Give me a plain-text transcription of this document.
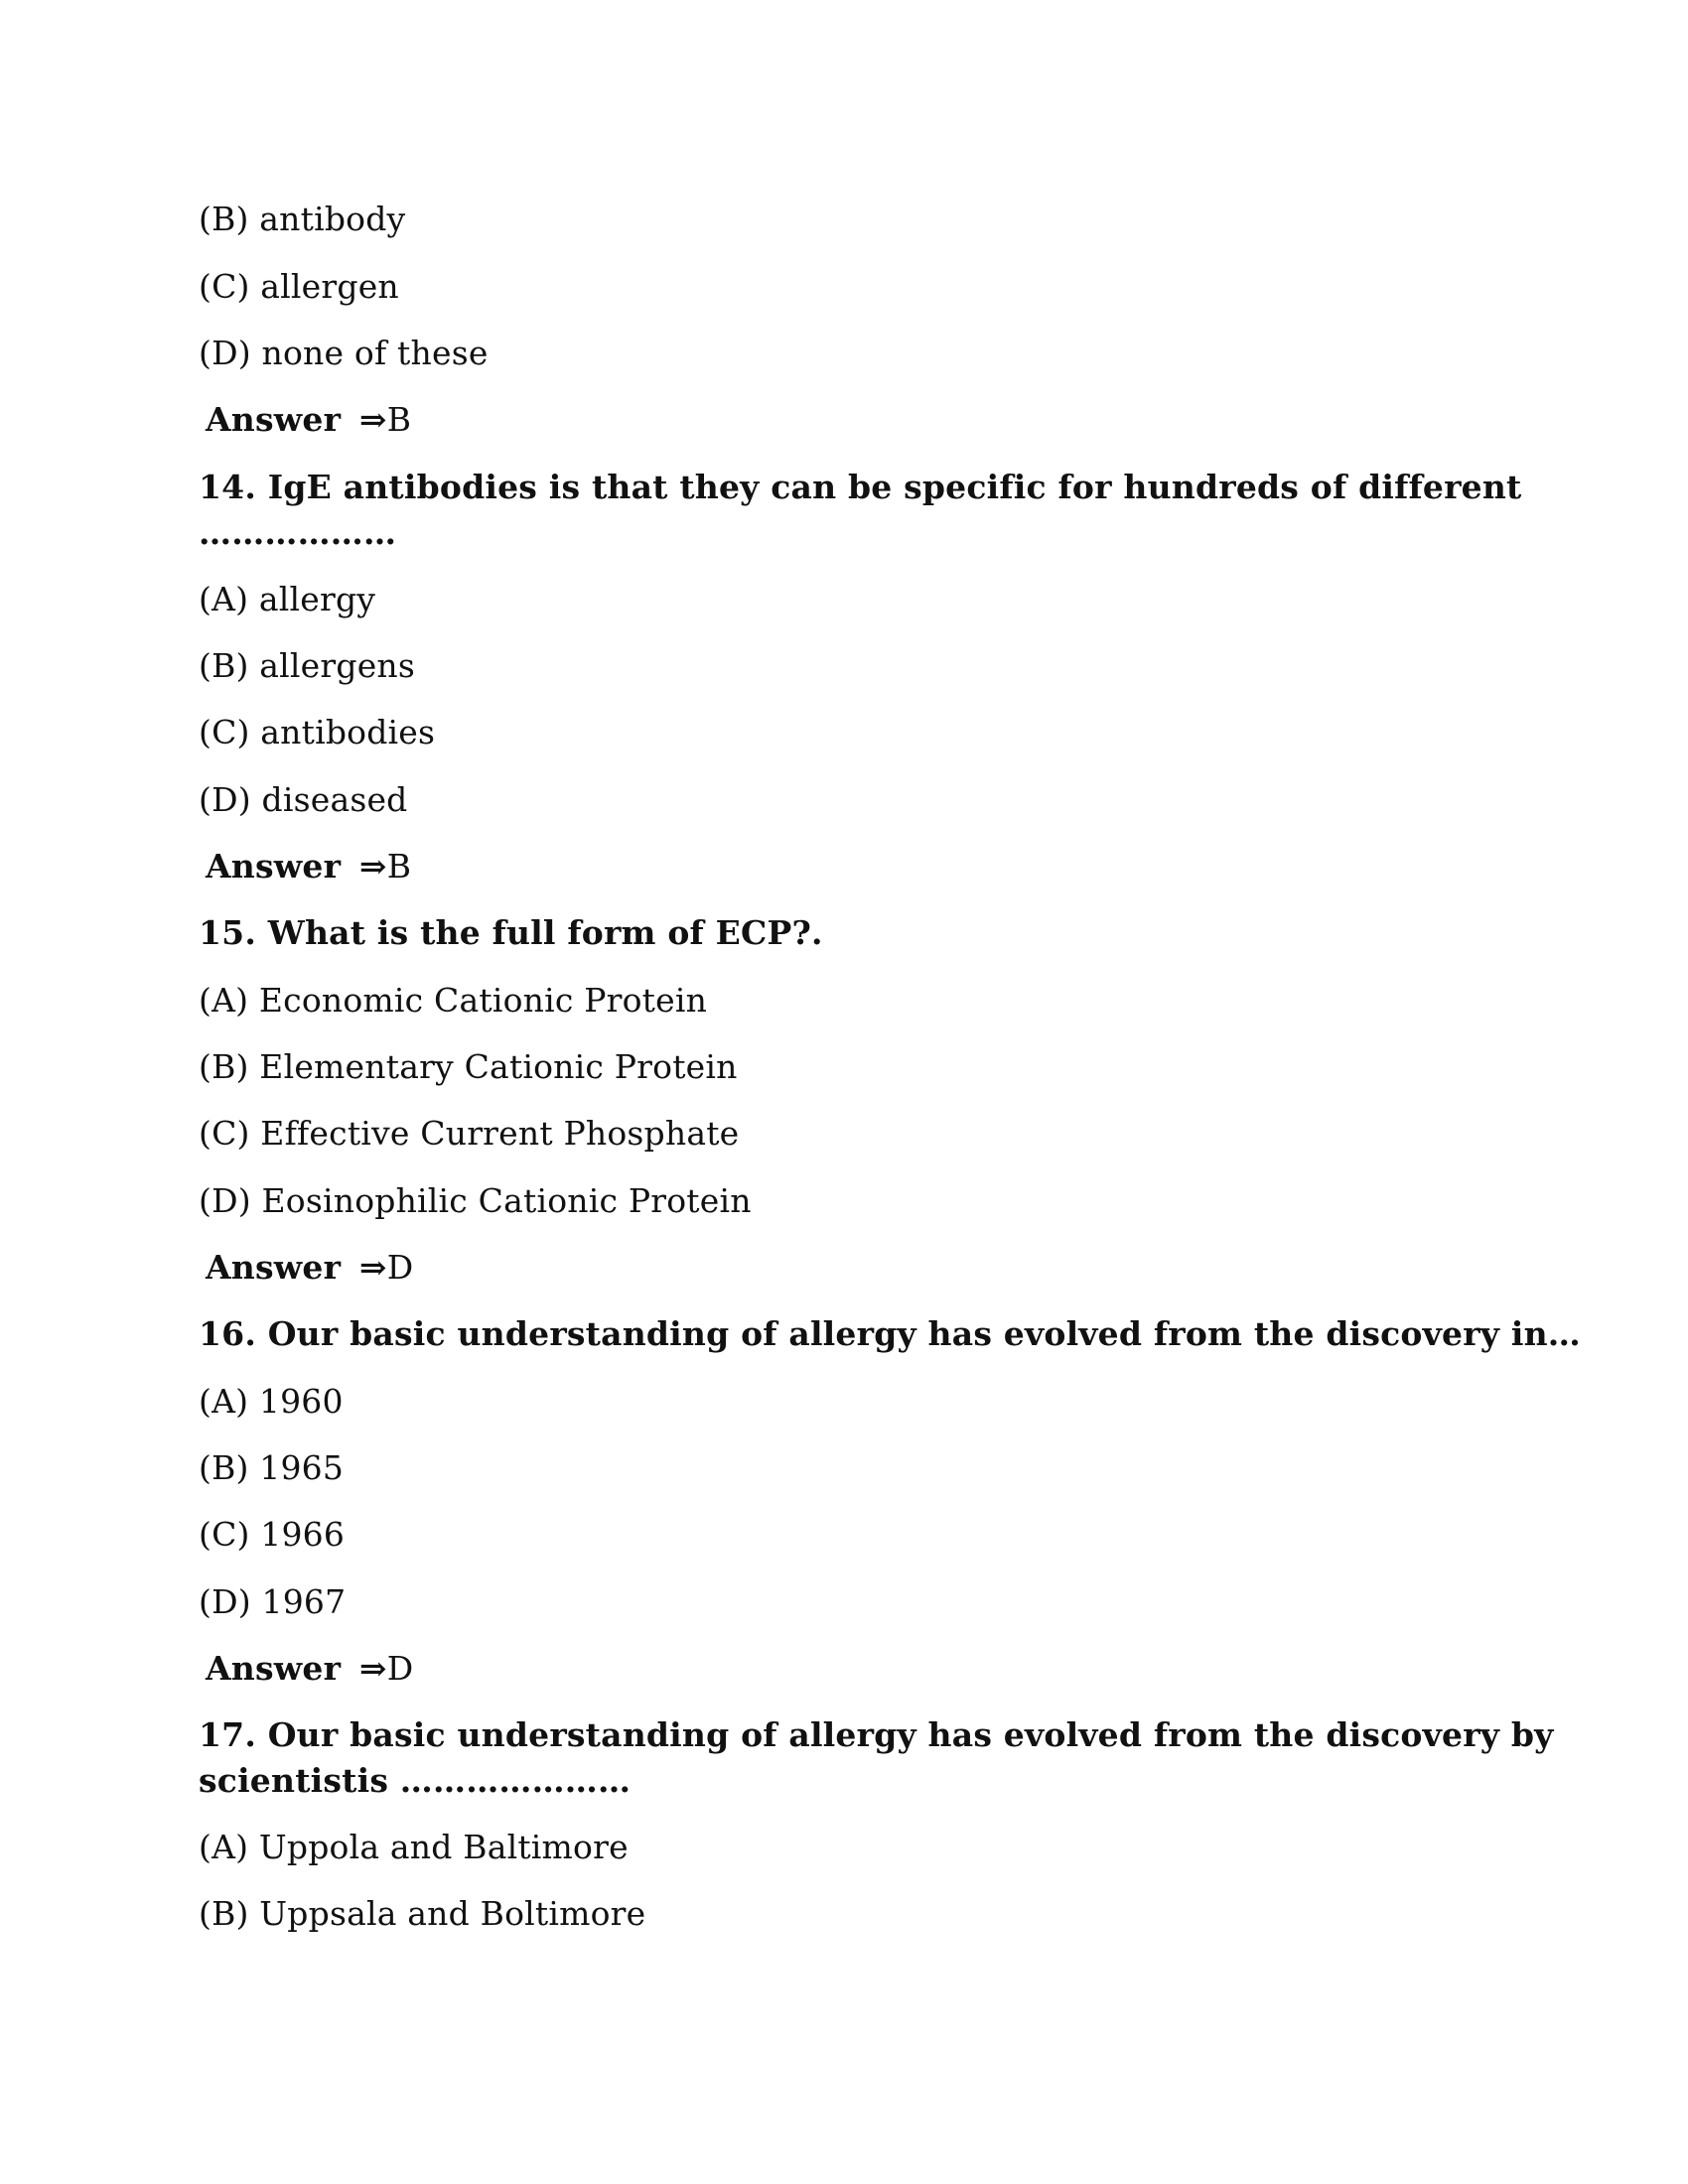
(B) antibody
(C) allergen
(D) none of these
Answer ⇒B
14. IgE antibodies is that they can be specific for hundreds of different
………………
(A) allergy
(B) allergens
(C) antibodies
(D) diseased
Answer ⇒B
15. What is the full form of ECP?.
(A) Economic Cationic Protein
(B) Elementary Cationic Protein
(C) Effective Current Phosphate
(D) Eosinophilic Cationic Protein
Answer ⇒D
16. Our basic understanding of allergy has evolved from the discovery in…
(A) 1960
(B) 1965
(C) 1966
(D) 1967
Answer ⇒D
17. Our basic understanding of allergy has evolved from the discovery by
scientistis …………………
(A) Uppola and Baltimore
(B) Uppsala and Boltimore
